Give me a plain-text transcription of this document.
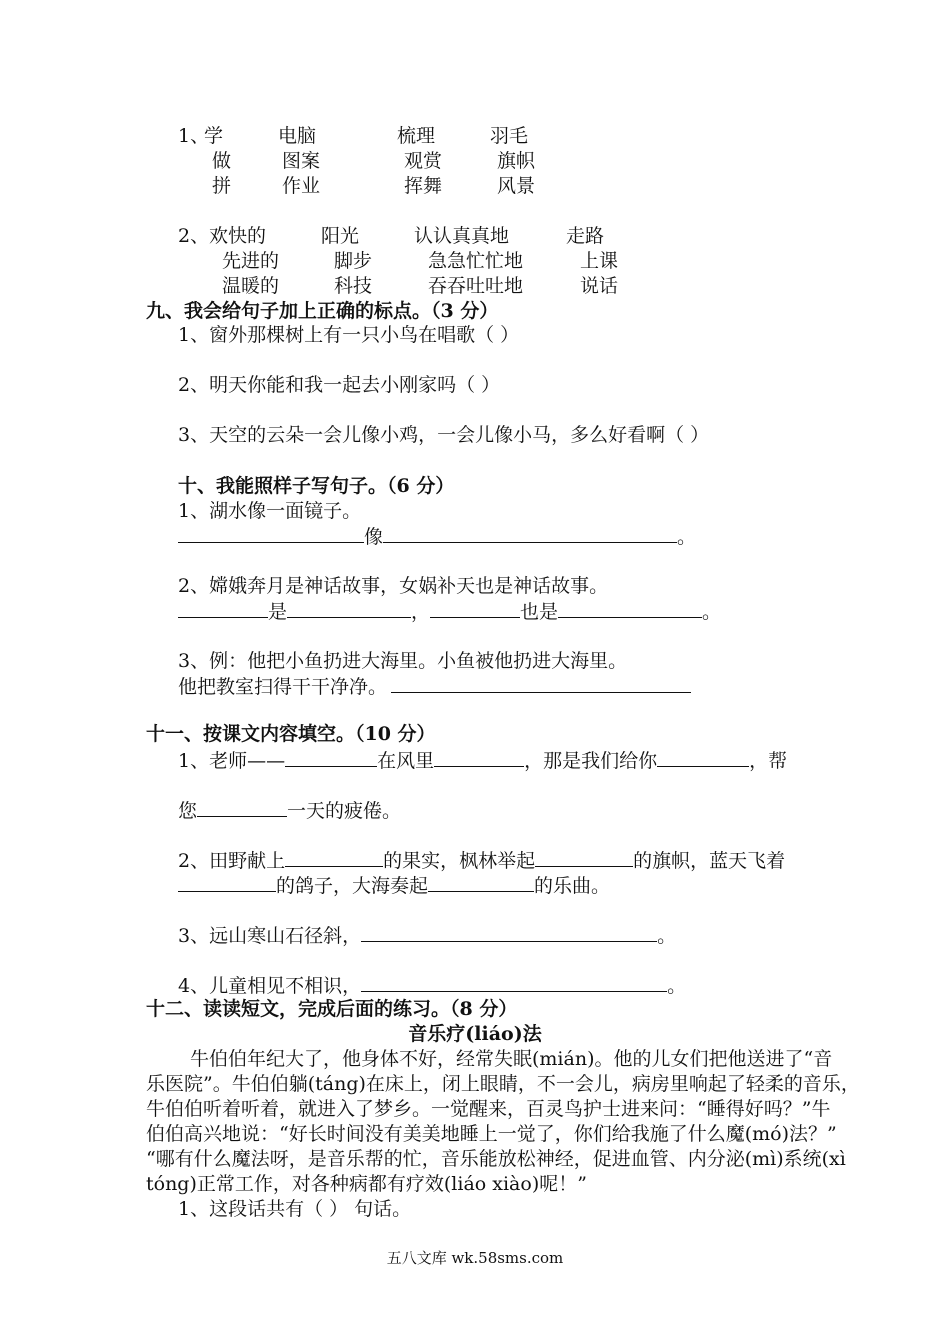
1、
学	电脑	梳理	羽毛
做	图案	观赏	旗帜
拼	作业	挥舞	风景
2、 欢快的	阳光	认认真真地	走路
先进的	脚步	急急忙忙地	上课
温暖的	科技	吞吞吐吐地	说话
九、我会给句子加上正确的标点。（3 分）
1、窗外那棵树上有一只小鸟在唱歌（ ）
2、明天你能和我一起去小刚家吗（ ）
3、天空的云朵一会儿像小鸡，一会儿像小马，多么好看啊（ ）
十、我能照样子写句子。（6 分）
1、湖水像一面镜子。
像	。
2、嫦娥奔月是神话故事，女娲补天也是神话故事。
是	，	也是	。
3、例：他把小鱼扔进大海里。小鱼被他扔进大海里。
他把教室扫得干干净净。
十一、按课文内容填空。（10 分）
1、老师——	在风里	，那是我们给你	，帮
您	一天的疲倦。
2、田野献上	的果实，枫林举起	的旗帜，蓝天飞着
的鸽子，大海奏起	的乐曲。
3、远山寒山石径斜，	。
4、儿童相见不相识，	。
十二、读读短文，完成后面的练习。（8 分）
音乐疗(liáo)法
牛伯伯年纪大了，他身体不好，经常失眠(mián)。他的儿女们把他送进了“音
乐医院”。牛伯伯躺(táng)在床上，闭上眼睛，不一会儿，病房里响起了轻柔的音乐，
牛伯伯听着听着，就进入了梦乡。一觉醒来，百灵鸟护士进来问：“睡得好吗？”牛
伯伯高兴地说：“好长时间没有美美地睡上一觉了，你们给我施了什么魔(mó)法？”
“哪有什么魔法呀，是音乐帮的忙，音乐能放松神经，促进血管、内分泌(mì)系统(xì
tóng)正常工作，对各种病都有疗效(liáo xiào)呢！”
1、这段话共有（ ） 句话。
五八文库 wk.58sms.com
